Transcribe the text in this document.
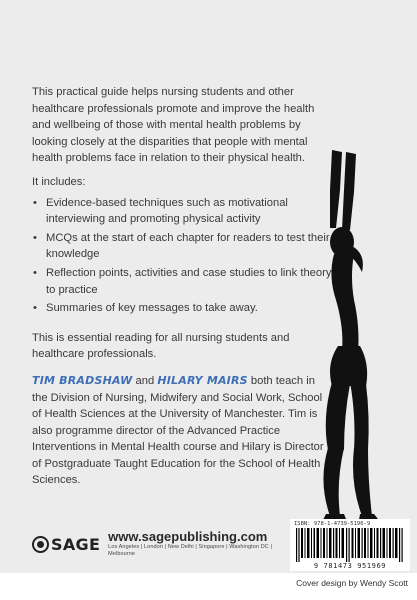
This practical guide helps nursing students and other healthcare professionals promote and improve the health and wellbeing of those with mental health problems by looking closely at the disparities that people with mental health problems face in relation to their physical health.

It includes:

• Evidence-based techniques such as motivational interviewing and promoting physical activity
• MCQs at the start of each chapter for readers to test their knowledge
• Reflection points, activities and case studies to link theory to practice
• Summaries of key messages to take away.

This is essential reading for all nursing students and healthcare professionals.

TIM BRADSHAW and HILARY MAIRS both teach in the Division of Nursing, Midwifery and Social Work, School of Health Sciences at the University of Manchester. Tim is also programme director of the Advanced Practice Interventions in Mental Health course and Hilary is Director of Postgraduate Taught Education for the School of Health Sciences.

SAGE www.sagepublishing.com
Los Angeles | London | New Delhi | Singapore | Washington DC | Melbourne
ISBN: 978-1-4739-5196-9
9 781473 951969
Cover design by Wendy Scott
